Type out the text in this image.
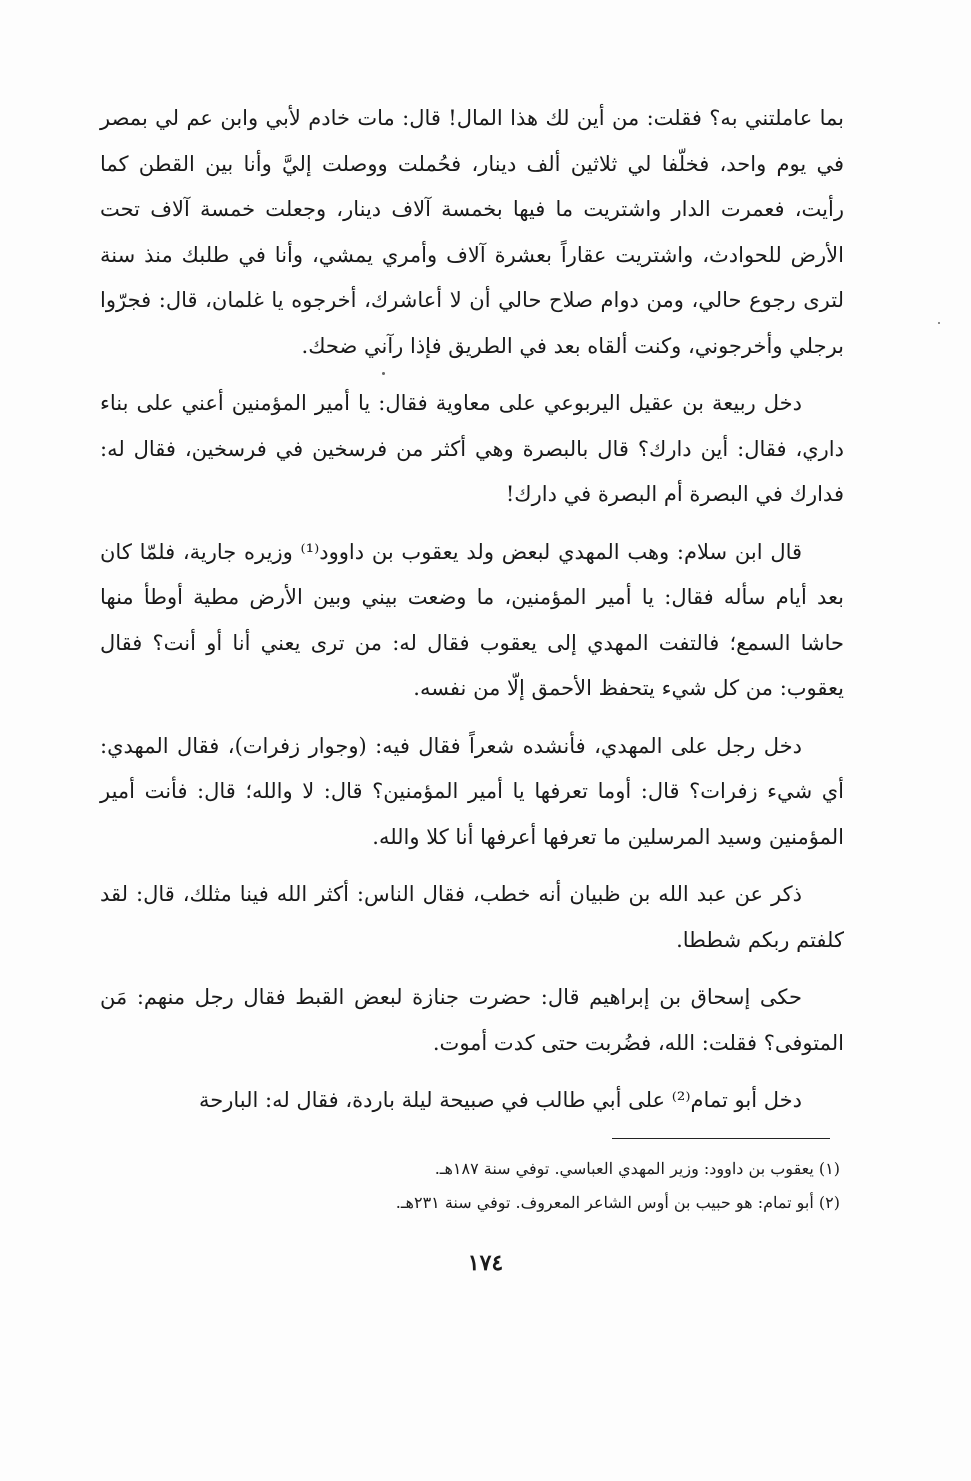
بما عاملتني به؟ فقلت: من أين لك هذا المال! قال: مات خادم لأبي وابن عم لي بمصر في يوم واحد، فخلّفا لي ثلاثين ألف دينار، فحُملت ووصلت إليَّ وأنا بين القطن كما رأيت، فعمرت الدار واشتريت ما فيها بخمسة آلاف دينار، وجعلت خمسة آلاف تحت الأرض للحوادث، واشتريت عقاراً بعشرة آلاف وأمري يمشي، وأنا في طلبك منذ سنة لترى رجوع حالي، ومن دوام صلاح حالي أن لا أعاشرك، أخرجوه يا غلمان، قال: فجرّوا برجلي وأخرجوني، وكنت ألقاه بعد في الطريق فإذا رآني ضحك.

دخل ربيعة بن عقيل اليربوعي على معاوية فقال: يا أمير المؤمنين أعني على بناء داري، فقال: أين دارك؟ قال بالبصرة وهي أكثر من فرسخين في فرسخين، فقال له: فدارك في البصرة أم البصرة في دارك!

قال ابن سلام: وهب المهدي لبعض ولد يعقوب بن داوود⁽¹⁾ وزيره جارية، فلمّا كان بعد أيام سأله فقال: يا أمير المؤمنين، ما وضعت بيني وبين الأرض مطية أوطأ منها حاشا السمع؛ فالتفت المهدي إلى يعقوب فقال له: من ترى يعني أنا أو أنت؟ فقال يعقوب: من كل شيء يتحفظ الأحمق إلّا من نفسه.

دخل رجل على المهدي، فأنشده شعراً فقال فيه: (وجوار زفرات)، فقال المهدي: أي شيء زفرات؟ قال: أوما تعرفها يا أمير المؤمنين؟ قال: لا والله؛ قال: فأنت أمير المؤمنين وسيد المرسلين ما تعرفها أعرفها أنا كلا والله.

ذكر عن عبد الله بن ظبيان أنه خطب، فقال الناس: أكثر الله فينا مثلك، قال: لقد كلفتم ربكم شططا.

حكى إسحاق بن إبراهيم قال: حضرت جنازة لبعض القبط فقال رجل منهم: مَن المتوفى؟ فقلت: الله، فضُربت حتى كدت أموت.

دخل أبو تمام⁽²⁾ على أبي طالب في صبيحة ليلة باردة، فقال له: البارحة

(١) يعقوب بن داوود: وزير المهدي العباسي. توفي سنة ١٨٧هـ.

(٢) أبو تمام: هو حبيب بن أوس الشاعر المعروف. توفي سنة ٢٣١هـ.

١٧٤
